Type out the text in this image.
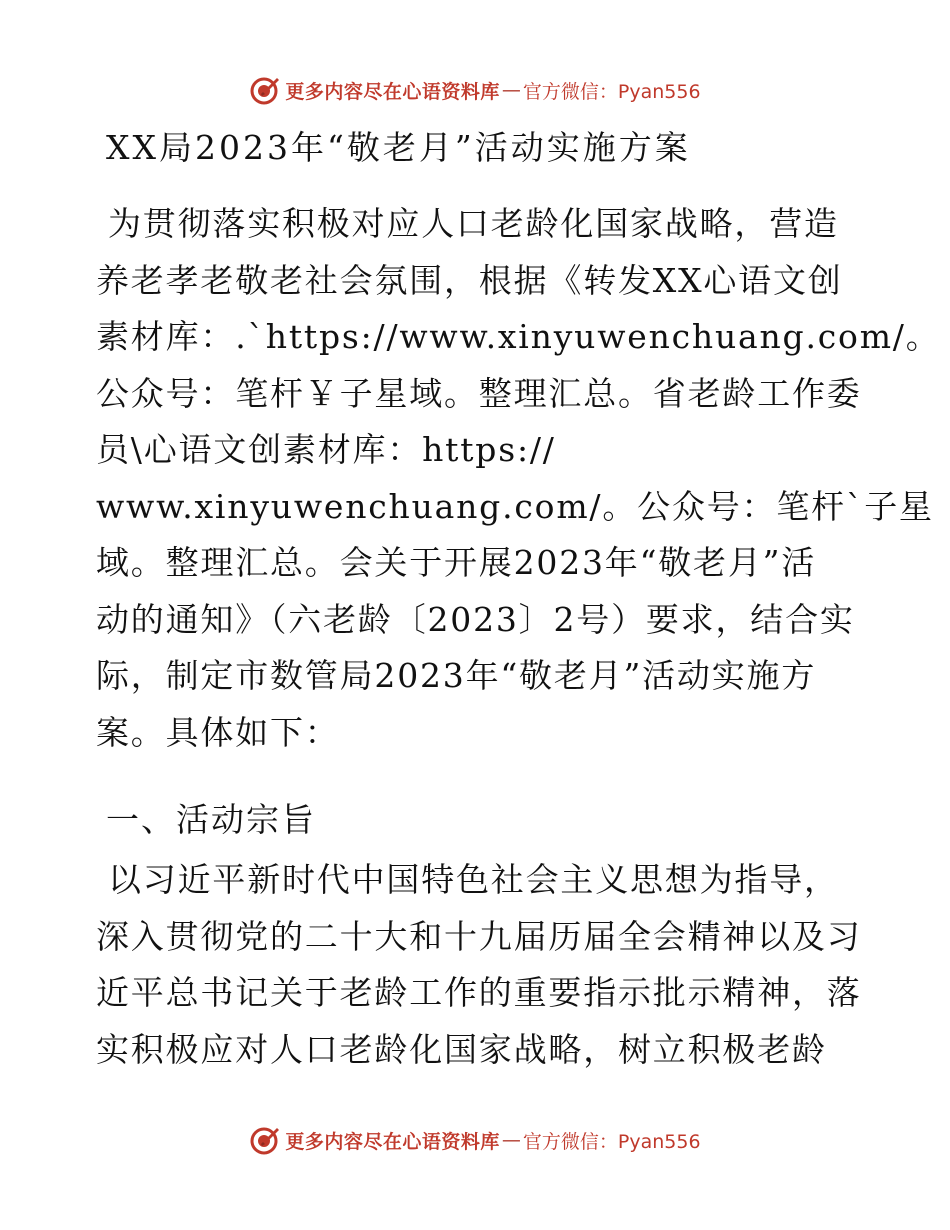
更多内容尽在心语资料库 — 官方微信：Pyan556
XX局2023年“敬老月”活动实施方案
为贯彻落实积极对应人口老龄化国家战略，营造
养老孝老敬老社会氛围，根据《转发XX心语文创
素材库：.`https://www.xinyuwenchuang.com/。
公众号：笔杆￥子星域。整理汇总。省老龄工作委
员\心语文创素材库：https://
www.xinyuwenchuang.com/。公众号：笔杆`子星
域。整理汇总。会关于开展2023年“敬老月”活
动的通知》（六老龄〔2023〕2号）要求，结合实
际，制定市数管局2023年“敬老月”活动实施方
案。具体如下：
一、活动宗旨
以习近平新时代中国特色社会主义思想为指导，
深入贯彻党的二十大和十九届历届全会精神以及习
近平总书记关于老龄工作的重要指示批示精神，落
实积极应对人口老龄化国家战略，树立积极老龄
更多内容尽在心语资料库 — 官方微信：Pyan556
